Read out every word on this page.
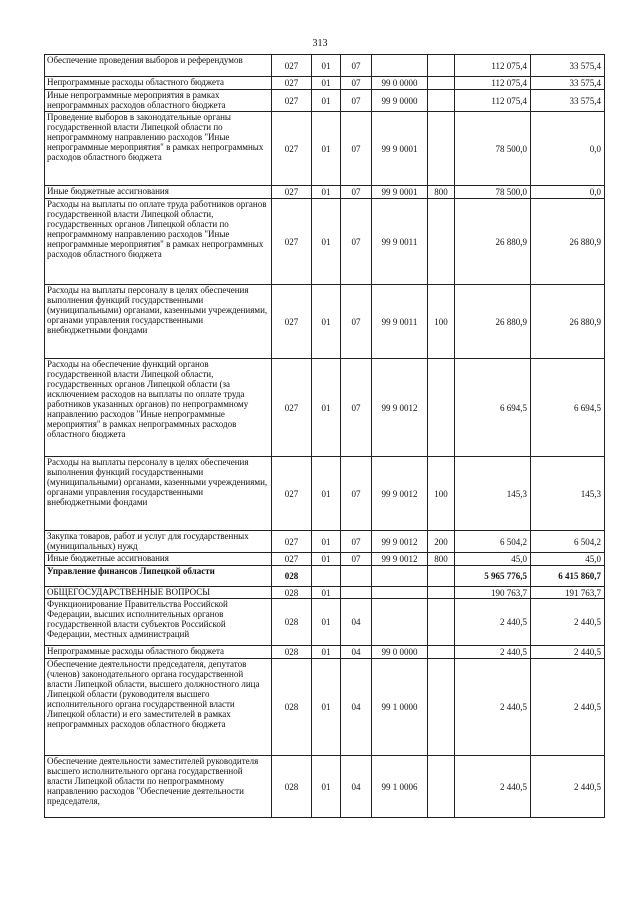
313
Обеспечение проведения выборов и референдумов	027	01	07			112 075,4	33 575,4
Непрограммные расходы областного бюджета	027	01	07	99 0 0000		112 075,4	33 575,4
Иные непрограммные мероприятия в рамках непрограммных расходов областного бюджета	027	01	07	99 9 0000		112 075,4	33 575,4
Проведение выборов в законодательные органы государственной власти Липецкой области по непрограммному направлению расходов "Иные непрограммные мероприятия" в рамках непрограммных расходов областного бюджета	027	01	07	99 9 0001		78 500,0	0,0
Иные бюджетные ассигнования	027	01	07	99 9 0001	800	78 500,0	0,0
Расходы на выплаты по оплате труда работников органов государственной власти Липецкой области, государственных органов Липецкой области по непрограммному направлению расходов "Иные непрограммные мероприятия" в рамках непрограммных расходов областного бюджета	027	01	07	99 9 0011		26 880,9	26 880,9
Расходы на выплаты персоналу в целях обеспечения выполнения функций государственными (муниципальными) органами, казенными учреждениями, органами управления государственными внебюджетными фондами	027	01	07	99 9 0011	100	26 880,9	26 880,9
Расходы на обеспечение функций органов государственной власти Липецкой области, государственных органов Липецкой области (за исключением расходов на выплаты по оплате труда работников указанных органов) по непрограммному направлению расходов "Иные непрограммные мероприятия" в рамках непрограммных расходов областного бюджета	027	01	07	99 9 0012		6 694,5	6 694,5
Расходы на выплаты персоналу в целях обеспечения выполнения функций государственными (муниципальными) органами, казенными учреждениями, органами управления государственными внебюджетными фондами	027	01	07	99 9 0012	100	145,3	145,3
Закупка товаров, работ и услуг для государственных (муниципальных) нужд	027	01	07	99 9 0012	200	6 504,2	6 504,2
Иные бюджетные ассигнования	027	01	07	99 9 0012	800	45,0	45,0
Управление финансов Липецкой области	028					5 965 776,5	6 415 860,7
ОБЩЕГОСУДАРСТВЕННЫЕ ВОПРОСЫ	028	01				190 763,7	191 763,7
Функционирование Правительства Российской Федерации, высших исполнительных органов государственной власти субъектов Российской Федерации, местных администраций	028	01	04			2 440,5	2 440,5
Непрограммные расходы областного бюджета	028	01	04	99 0 0000		2 440,5	2 440,5
Обеспечение деятельности председателя, депутатов (членов) законодательного органа государственной власти Липецкой области, высшего должностного лица Липецкой области (руководителя высшего исполнительного органа государственной власти Липецкой области) и его заместителей в рамках непрограммных расходов областного бюджета	028	01	04	99 1 0000		2 440,5	2 440,5
Обеспечение деятельности заместителей руководителя высшего исполнительного органа государственной власти Липецкой области по непрограммному направлению расходов "Обеспечение деятельности председателя,	028	01	04	99 1 0006		2 440,5	2 440,5
